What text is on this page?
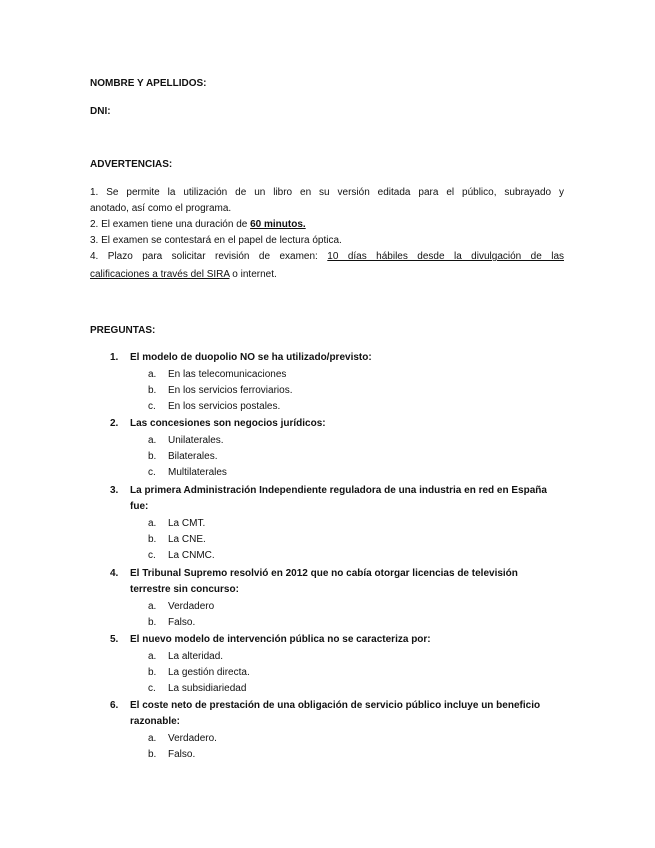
NOMBRE Y APELLIDOS:
DNI:
ADVERTENCIAS:
1. Se permite la utilización de un libro en su versión editada para el público, subrayado y
anotado, así como el programa.
2. El examen tiene una duración de 60 minutos.
3. El examen se contestará en el papel de lectura óptica.
4. Plazo para solicitar revisión de examen: 10 días hábiles desde la divulgación de las
calificaciones a través del SIRA o internet.
PREGUNTAS:
1. El modelo de duopolio NO se ha utilizado/previsto:
a. En las telecomunicaciones
b. En los servicios ferroviarios.
c. En los servicios postales.
2. Las concesiones son negocios jurídicos:
a. Unilaterales.
b. Bilaterales.
c. Multilaterales
3. La primera Administración Independiente reguladora de una industria en red en España fue:
a. La CMT.
b. La CNE.
c. La CNMC.
4. El Tribunal Supremo resolvió en 2012 que no cabía otorgar licencias de televisión terrestre sin concurso:
a. Verdadero
b. Falso.
5. El nuevo modelo de intervención pública no se caracteriza por:
a. La alteridad.
b. La gestión directa.
c. La subsidiariedad
6. El coste neto de prestación de una obligación de servicio público incluye un beneficio razonable:
a. Verdadero.
b. Falso.
